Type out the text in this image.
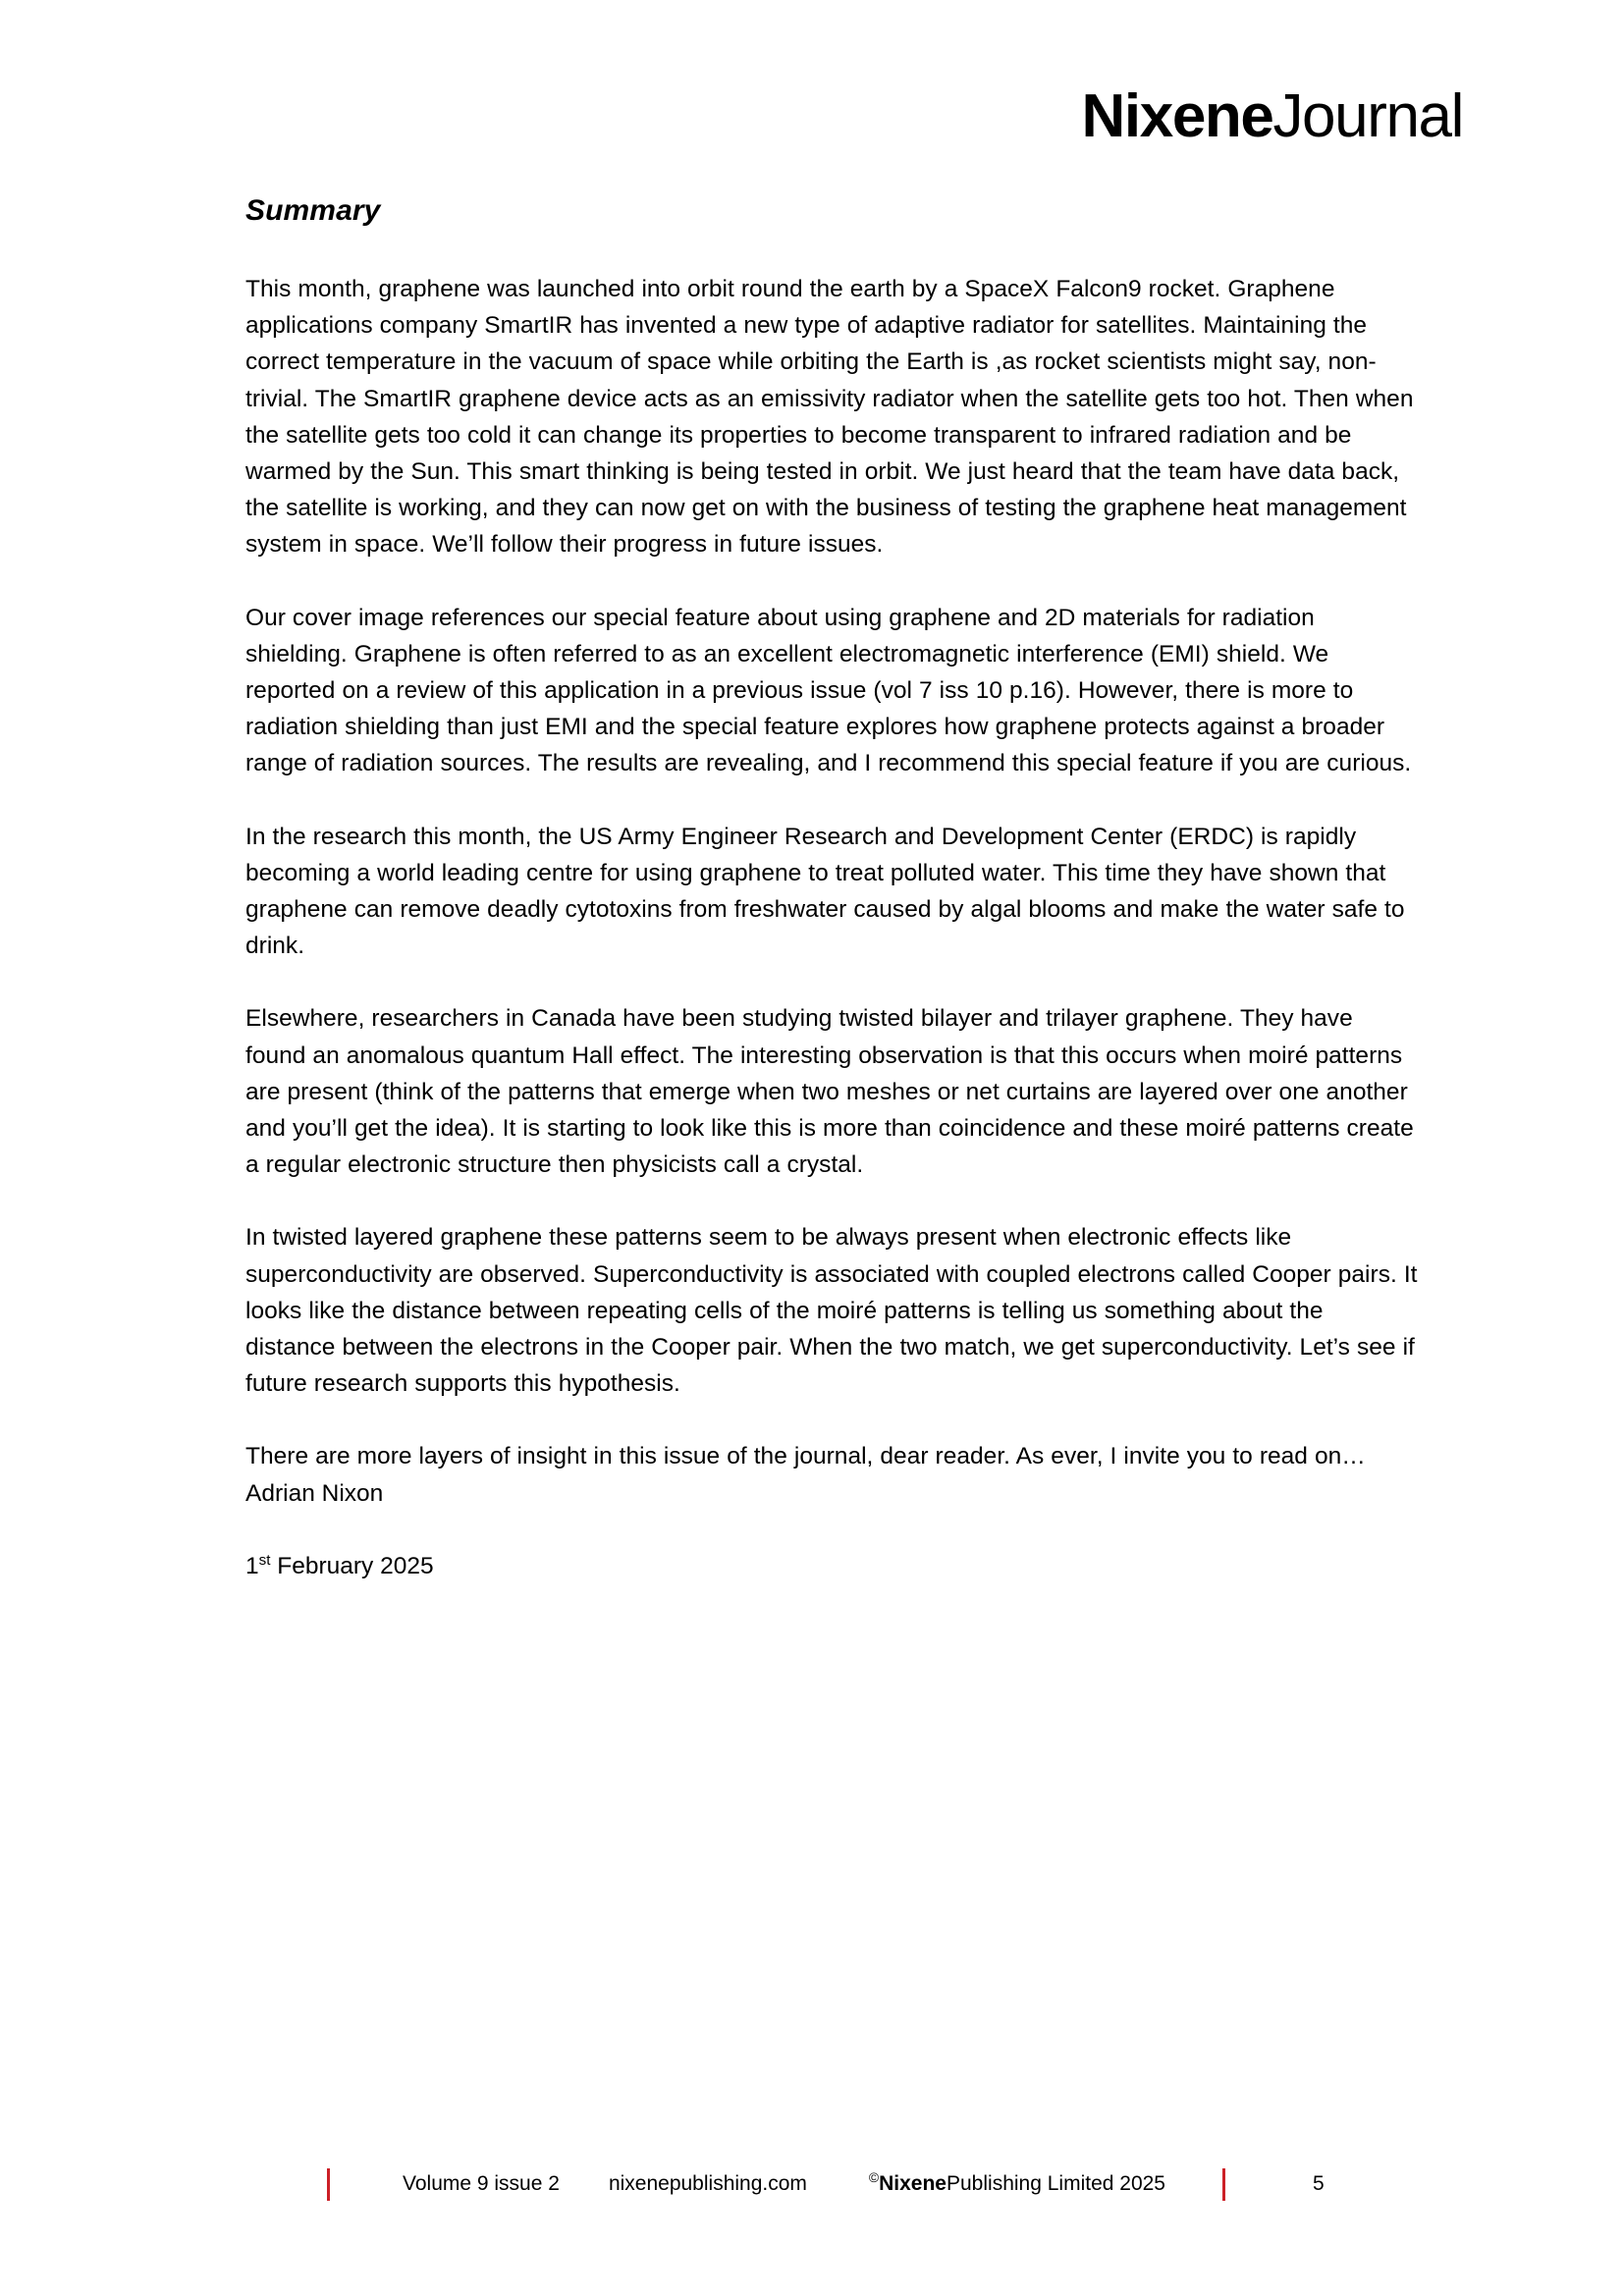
Nixene Journal
Summary

This month, graphene was launched into orbit round the earth by a SpaceX Falcon9 rocket. Graphene applications company SmartIR has invented a new type of adaptive radiator for satellites. Maintaining the correct temperature in the vacuum of space while orbiting the Earth is ,as rocket scientists might say, non-trivial. The SmartIR graphene device acts as an emissivity radiator when the satellite gets too hot. Then when the satellite gets too cold it can change its properties to become transparent to infrared radiation and be warmed by the Sun. This smart thinking is being tested in orbit. We just heard that the team have data back, the satellite is working, and they can now get on with the business of testing the graphene heat management system in space. We’ll follow their progress in future issues.

Our cover image references our special feature about using graphene and 2D materials for radiation shielding. Graphene is often referred to as an excellent electromagnetic interference (EMI) shield. We reported on a review of this application in a previous issue (vol 7 iss 10 p.16). However, there is more to radiation shielding than just EMI and the special feature explores how graphene protects against a broader range of radiation sources. The results are revealing, and I recommend this special feature if you are curious.

In the research this month, the US Army Engineer Research and Development Center (ERDC) is rapidly becoming a world leading centre for using graphene to treat polluted water. This time they have shown that graphene can remove deadly cytotoxins from freshwater caused by algal blooms and make the water safe to drink.

Elsewhere, researchers in Canada have been studying twisted bilayer and trilayer graphene. They have found an anomalous quantum Hall effect. The interesting observation is that this occurs when moiré patterns are present (think of the patterns that emerge when two meshes or net curtains are layered over one another and you’ll get the idea). It is starting to look like this is more than coincidence and these moiré patterns create a regular electronic structure then physicists call a crystal.

In twisted layered graphene these patterns seem to be always present when electronic effects like superconductivity are observed. Superconductivity is associated with coupled electrons called Cooper pairs. It looks like the distance between repeating cells of the moiré patterns is telling us something about the distance between the electrons in the Cooper pair. When the two match, we get superconductivity. Let’s see if future research supports this hypothesis.

There are more layers of insight in this issue of the journal, dear reader. As ever, I invite you to read on…

Adrian Nixon

1st February 2025

Volume 9 issue 2 nixenepublishing.com	©NixenePublishing Limited 2025	5
